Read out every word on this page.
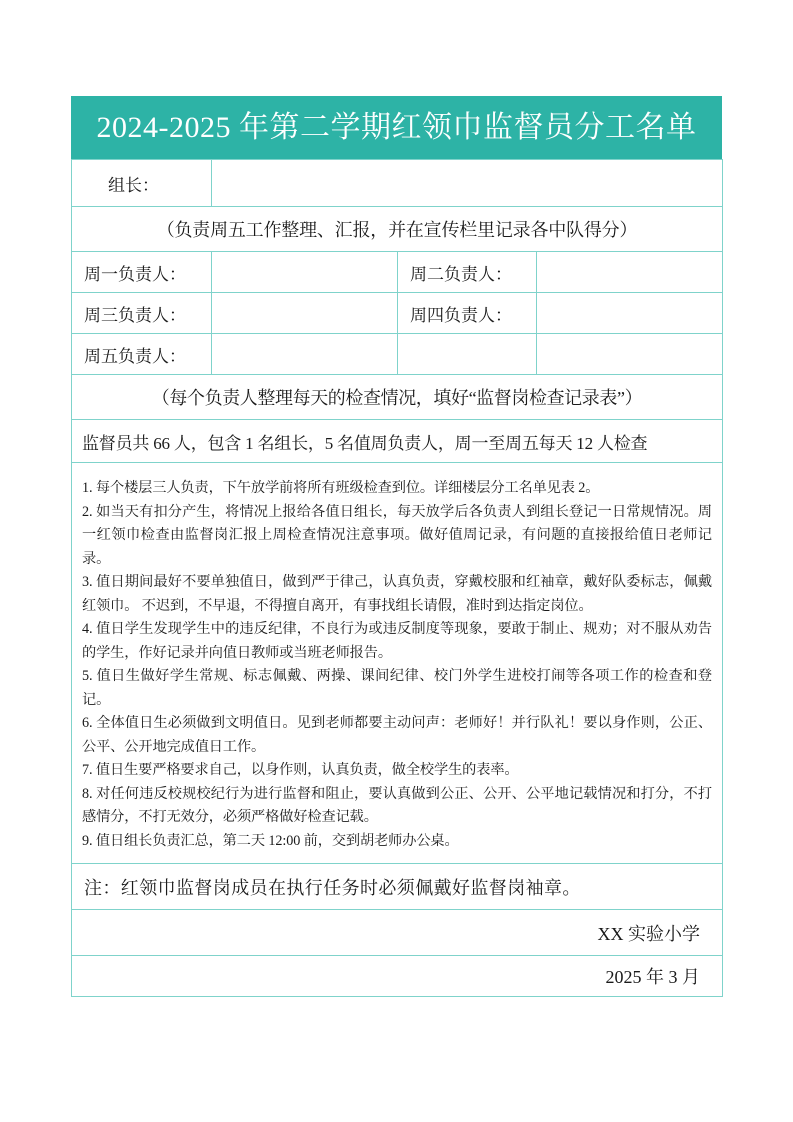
2024-2025 年第二学期红领巾监督员分工名单
组长：			

（负责周五工作整理、汇报，并在宣传栏里记录各中队得分）			

周一负责人：		周二负责人：	

周三负责人：		周四负责人：	

周五负责人：			

（每个负责人整理每天的检查情况，填好“监督岗检查记录表”）			

监督员共 66 人，包含 1 名组长，5 名值周负责人，周一至周五每天 12 人检查			

1. 每个楼层三人负责，下午放学前将所有班级检查到位。详细楼层分工名单见表 2。

2. 如当天有扣分产生，将情况上报给各值日组长，每天放学后各负责人到组长登记一日常规情况。周一红领巾检查由监督岗汇报上周检查情况注意事项。做好值周记录，有问题的直接报给值日老师记录。

3. 值日期间最好不要单独值日，做到严于律己，认真负责，穿戴校服和红袖章，戴好队委标志，佩戴红领巾。 不迟到，不早退，不得擅自离开，有事找组长请假，准时到达指定岗位。

4. 值日学生发现学生中的违反纪律，不良行为或违反制度等现象，要敢于制止、规劝；对不服从劝告的学生，作好记录并向值日教师或当班老师报告。

5. 值日生做好学生常规、标志佩戴、两操、课间纪律、校门外学生进校打闹等各项工作的检查和登记。

6. 全体值日生必须做到文明值日。见到老师都要主动问声：老师好！并行队礼！要以身作则，公正、公平、公开地完成值日工作。

7. 值日生要严格要求自己，以身作则，认真负责，做全校学生的表率。

8. 对任何违反校规校纪行为进行监督和阻止，要认真做到公正、公开、公平地记载情况和打分，不打感情分，不打无效分，必须严格做好检查记载。

9. 值日组长负责汇总，第二天 12:00 前，交到胡老师办公桌。

注：红领巾监督岗成员在执行任务时必须佩戴好监督岗袖章。			

XX 实验小学			

2025 年 3 月			
